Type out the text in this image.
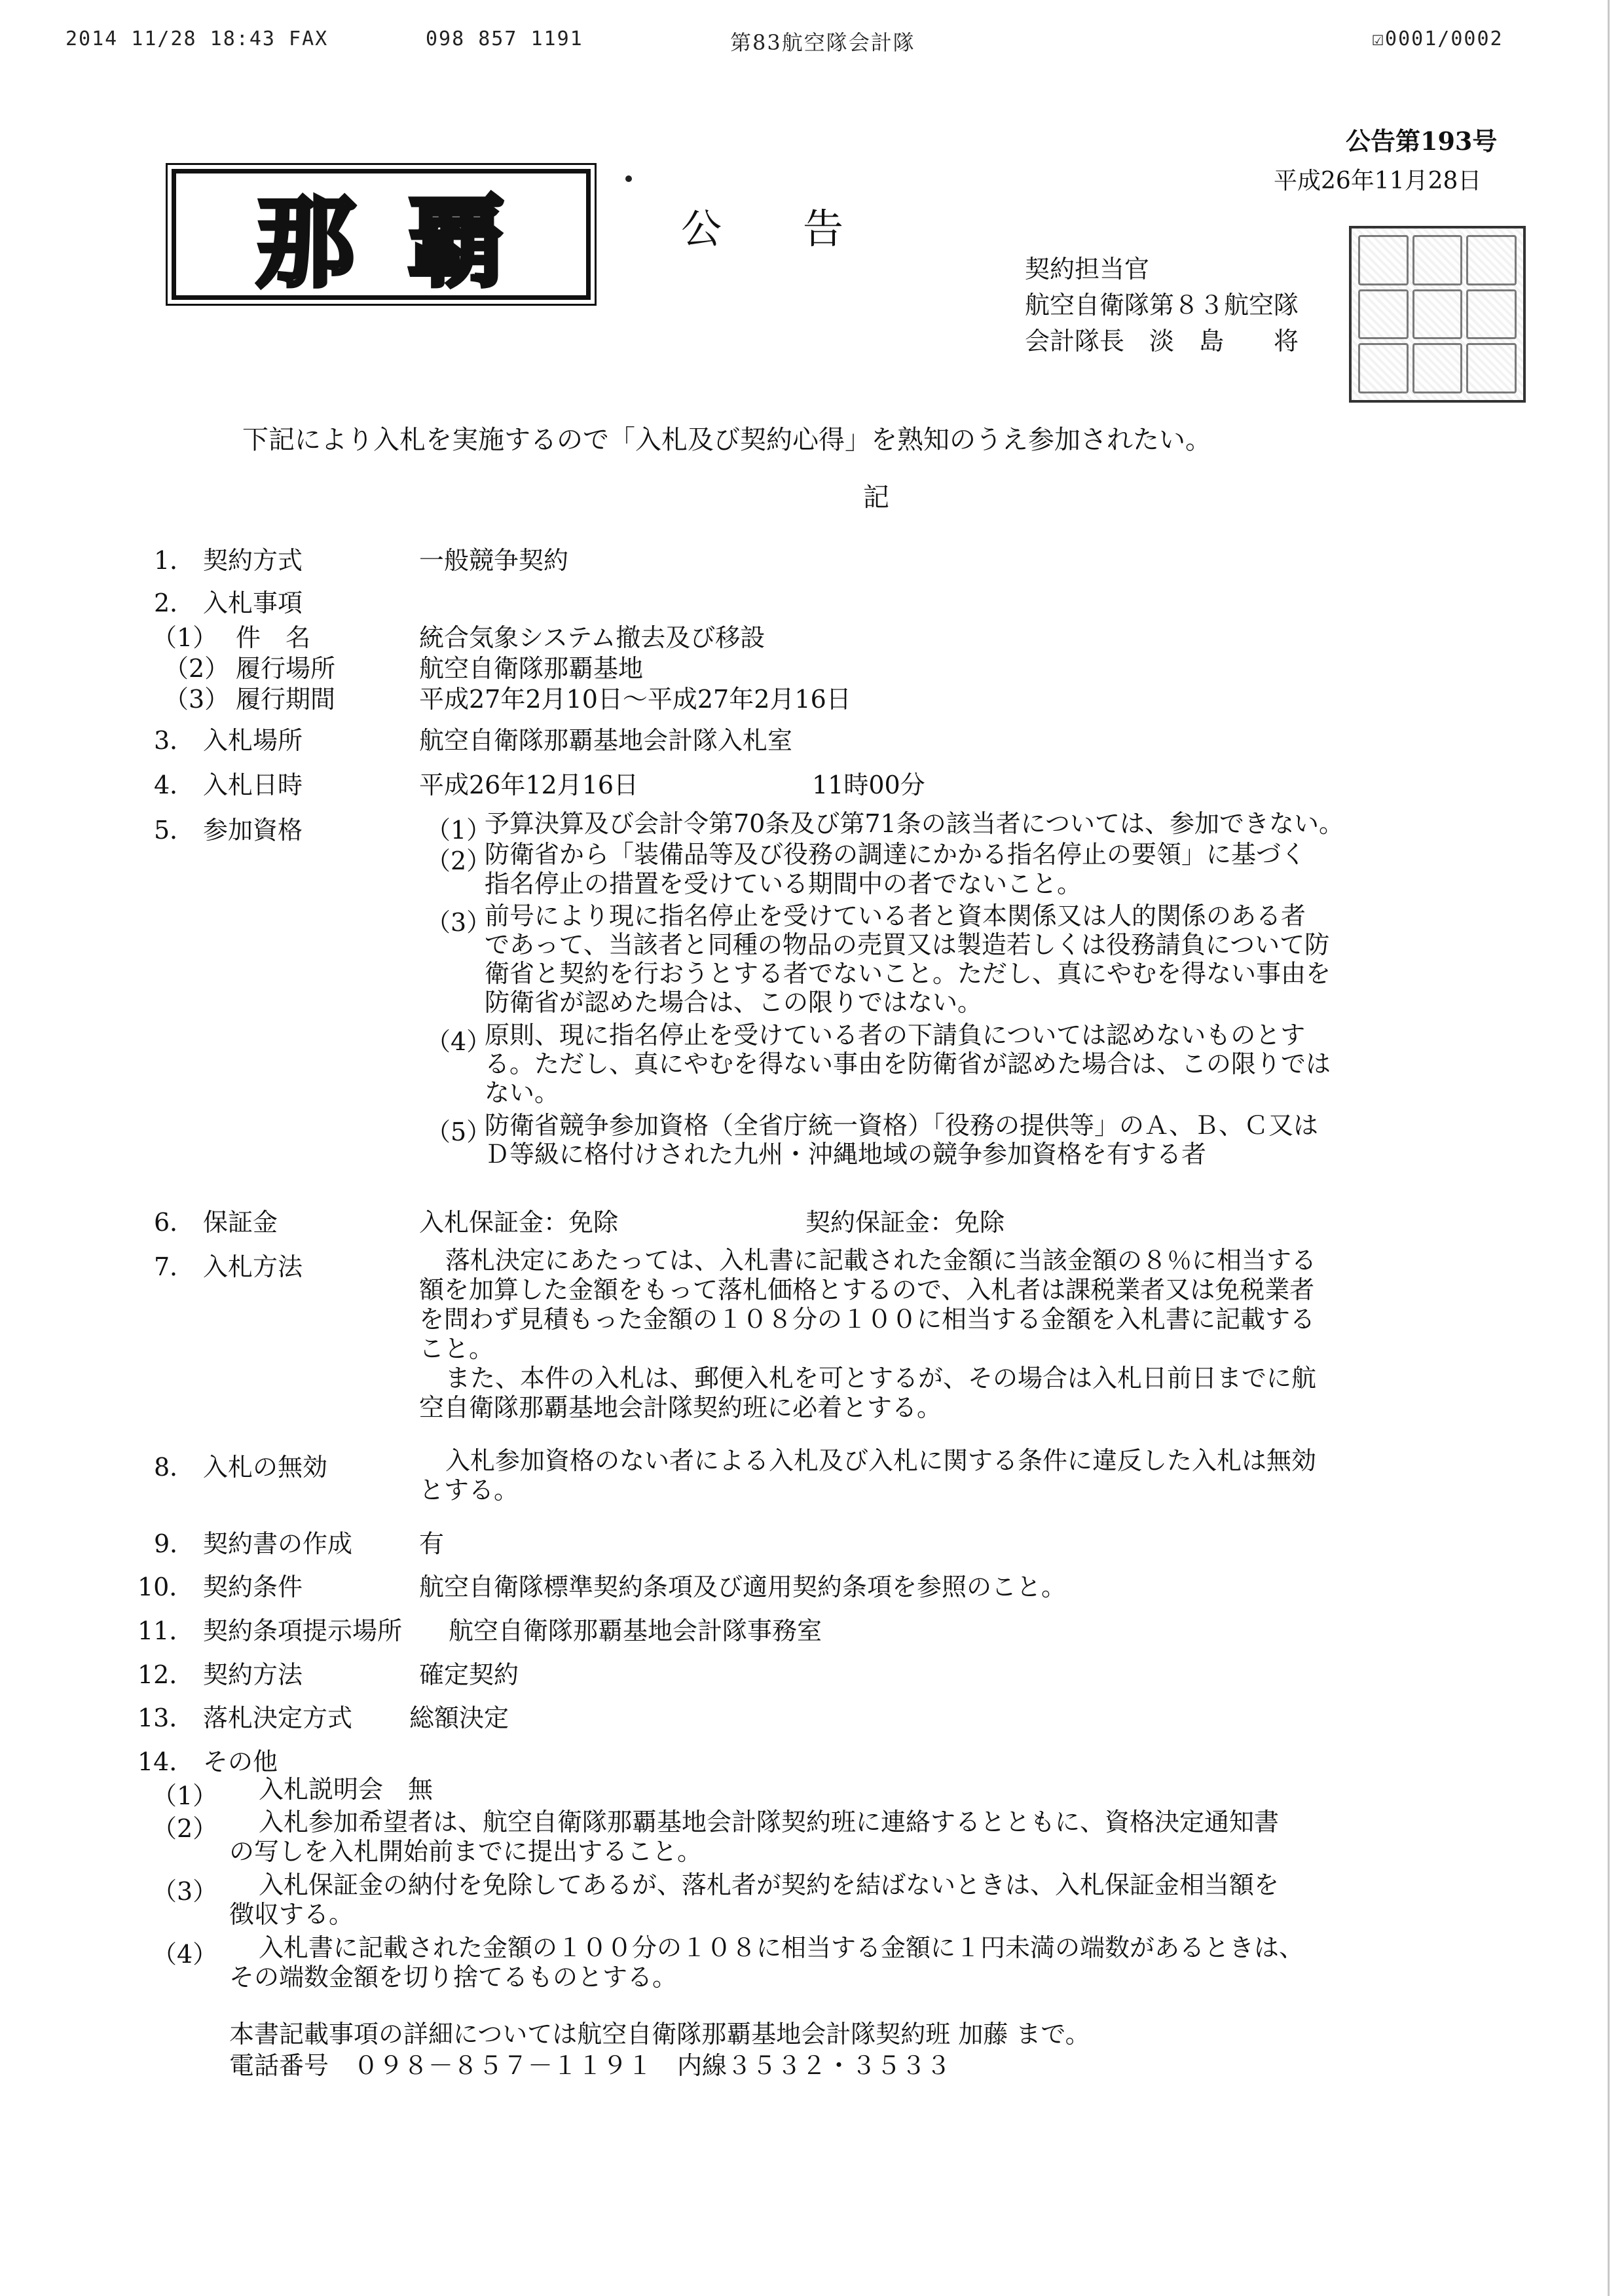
2014 11/28 18:43 FAX	098 857 1191	第83航空隊会計隊	☑0001/0002
公告第193号
平成26年11月28日
那覇	公　　告
契約担当官
航空自衛隊第８３航空隊
会計隊長　淡　島　　将
下記により入札を実施するので「入札及び契約心得」を熟知のうえ参加されたい。
記
1． 契約方式	一般競争契約
2． 入札事項
（1） 件　名	統合気象システム撤去及び移設
（2） 履行場所	航空自衛隊那覇基地
（3） 履行期間	平成27年2月10日～平成27年2月16日
3． 入札場所	航空自衛隊那覇基地会計隊入札室
4． 入札日時	平成26年12月16日	11時00分
5． 参加資格	（1）
予算決算及び会計令第70条及び第71条の該当者については、参加できない。
（2）
防衛省から「装備品等及び役務の調達にかかる指名停止の要領」に基づく
指名停止の措置を受けている期間中の者でないこと。
（3）
前号により現に指名停止を受けている者と資本関係又は人的関係のある者
であって、当該者と同種の物品の売買又は製造若しくは役務請負について防
衛省と契約を行おうとする者でないこと。ただし、真にやむを得ない事由を
防衛省が認めた場合は、この限りではない。
（4）
原則、現に指名停止を受けている者の下請負については認めないものとす
る。ただし、真にやむを得ない事由を防衛省が認めた場合は、この限りでは
ない。
（5）
防衛省競争参加資格（全省庁統一資格）「役務の提供等」のＡ、Ｂ、Ｃ又は
Ｄ等級に格付けされた九州・沖縄地域の競争参加資格を有する者
6． 保証金	入札保証金：免除	契約保証金：免除
7． 入札方法	落札決定にあたっては、入札書に記載された金額に当該金額の８％に相当する
額を加算した金額をもって落札価格とするので、入札者は課税業者又は免税業者
を問わず見積もった金額の１０８分の１００に相当する金額を入札書に記載する
こと。
また、本件の入札は、郵便入札を可とするが、その場合は入札日前日までに航
空自衛隊那覇基地会計隊契約班に必着とする。
8． 入札の無効	入札参加資格のない者による入札及び入札に関する条件に違反した入札は無効
とする。
9． 契約書の作成	有
10． 契約条件	航空自衛隊標準契約条項及び適用契約条項を参照のこと。
11． 契約条項提示場所 航空自衛隊那覇基地会計隊事務室
12． 契約方法	確定契約
13． 落札決定方式 総額決定
14． その他
（1） 入札説明会　無
（2） 入札参加希望者は、航空自衛隊那覇基地会計隊契約班に連絡するとともに、資格決定通知書
の写しを入札開始前までに提出すること。
（3） 入札保証金の納付を免除してあるが、落札者が契約を結ばないときは、入札保証金相当額を
徴収する。
（4） 入札書に記載された金額の１００分の１０８に相当する金額に１円未満の端数があるときは、
その端数金額を切り捨てるものとする。
本書記載事項の詳細については航空自衛隊那覇基地会計隊契約班 加藤 まで。
電話番号　０９８－８５７－１１９１　内線３５３２・３５３３
